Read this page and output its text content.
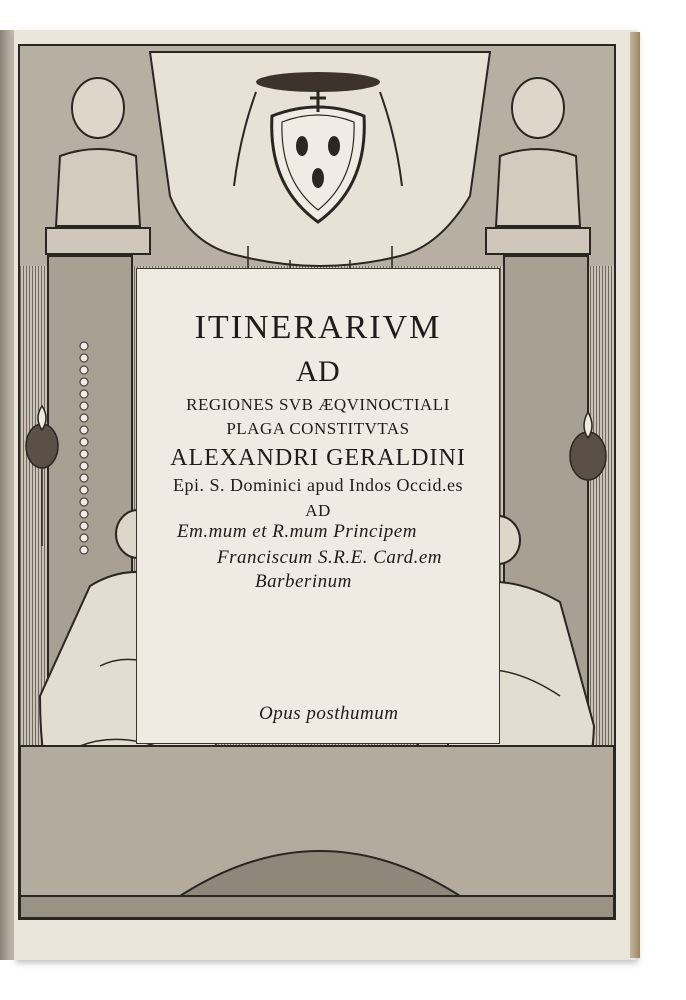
ITINERARIVM
AD
REGIONES SVB ÆQVINOCTIALI
PLAGA CONSTITVTAS
ALEXANDRI GERALDINI
Epi. S. Dominici apud Indos Occid.es
AD
Em.mum et R.mum Principem
Franciscum S.R.E. Card.em
Barberinum
Opus posthumum
